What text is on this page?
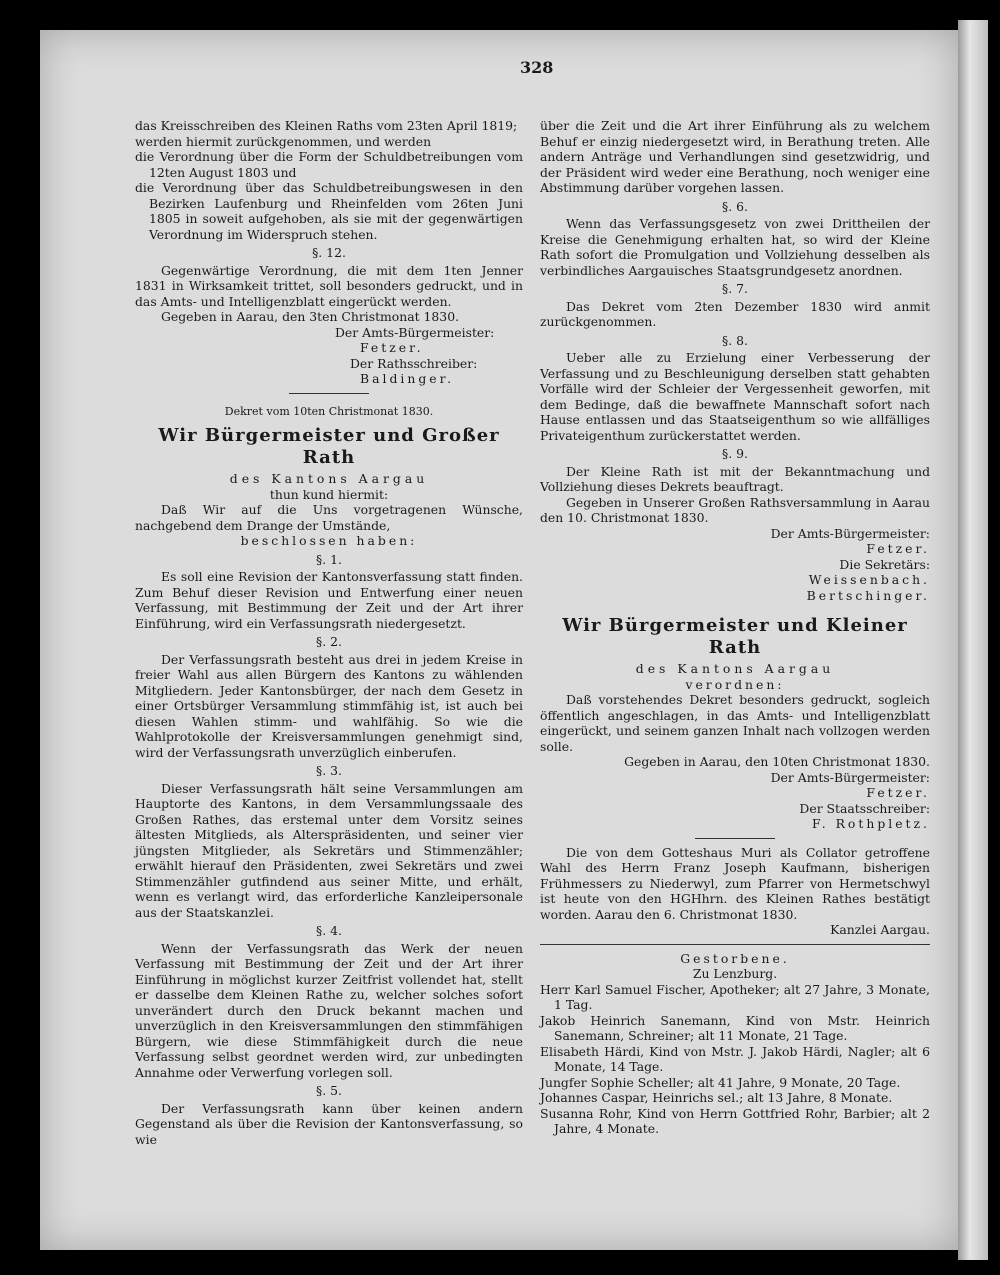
328

das Kreisschreiben des Kleinen Raths vom 23ten April 1819;

werden hiermit zurückgenommen, und werden

die Verordnung über die Form der Schuldbetreibungen vom 12ten August 1803 und

die Verordnung über das Schuldbetreibungswesen in den Bezirken Laufenburg und Rheinfelden vom 26ten Juni 1805 in soweit aufgehoben, als sie mit der gegenwärtigen Verordnung im Widerspruch stehen.

§. 12.

Gegenwärtige Verordnung, die mit dem 1ten Jenner 1831 in Wirksamkeit trittet, soll besonders gedruckt, und in das Amts- und Intelligenzblatt eingerückt werden.

Gegeben in Aarau, den 3ten Christmonat 1830.

Der Amts-Bürgermeister:

Fetzer.

Der Rathsschreiber:

Baldinger.

Dekret vom 10ten Christmonat 1830.

Wir Bürgermeister und Großer Rath

des Kantons Aargau

thun kund hiermit:

Daß Wir auf die Uns vorgetragenen Wünsche, nachgebend dem Drange der Umstände,

beschlossen haben:

§. 1.

Es soll eine Revision der Kantonsverfassung statt finden. Zum Behuf dieser Revision und Entwerfung einer neuen Verfassung, mit Bestimmung der Zeit und der Art ihrer Einführung, wird ein Verfassungsrath niedergesetzt.

§. 2.

Der Verfassungsrath besteht aus drei in jedem Kreise in freier Wahl aus allen Bürgern des Kantons zu wählenden Mitgliedern. Jeder Kantonsbürger, der nach dem Gesetz in einer Ortsbürger Versammlung stimmfähig ist, ist auch bei diesen Wahlen stimm- und wahlfähig. So wie die Wahlprotokolle der Kreisversammlungen genehmigt sind, wird der Verfassungsrath unverzüglich einberufen.

§. 3.

Dieser Verfassungsrath hält seine Versammlungen am Hauptorte des Kantons, in dem Versammlungssaale des Großen Rathes, das erstemal unter dem Vorsitz seines ältesten Mitglieds, als Alterspräsidenten, und seiner vier jüngsten Mitglieder, als Sekretärs und Stimmenzähler; erwählt hierauf den Präsidenten, zwei Sekretärs und zwei Stimmenzähler gutfindend aus seiner Mitte, und erhält, wenn es verlangt wird, das erforderliche Kanzleipersonale aus der Staatskanzlei.

§. 4.

Wenn der Verfassungsrath das Werk der neuen Verfassung mit Bestimmung der Zeit und der Art ihrer Einführung in möglichst kurzer Zeitfrist vollendet hat, stellt er dasselbe dem Kleinen Rathe zu, welcher solches sofort unverändert durch den Druck bekannt machen und unverzüglich in den Kreisversammlungen den stimmfähigen Bürgern, wie diese Stimmfähigkeit durch die neue Verfassung selbst geordnet werden wird, zur unbedingten Annahme oder Verwerfung vorlegen soll.

§. 5.

Der Verfassungsrath kann über keinen andern Gegenstand als über die Revision der Kantonsverfassung, so wie

über die Zeit und die Art ihrer Einführung als zu welchem Behuf er einzig niedergesetzt wird, in Berathung treten. Alle andern Anträge und Verhandlungen sind gesetzwidrig, und der Präsident wird weder eine Berathung, noch weniger eine Abstimmung darüber vorgehen lassen.

§. 6.

Wenn das Verfassungsgesetz von zwei Drittheilen der Kreise die Genehmigung erhalten hat, so wird der Kleine Rath sofort die Promulgation und Vollziehung desselben als verbindliches Aargauisches Staatsgrundgesetz anordnen.

§. 7.

Das Dekret vom 2ten Dezember 1830 wird anmit zurückgenommen.

§. 8.

Ueber alle zu Erzielung einer Verbesserung der Verfassung und zu Beschleunigung derselben statt gehabten Vorfälle wird der Schleier der Vergessenheit geworfen, mit dem Bedinge, daß die bewaffnete Mannschaft sofort nach Hause entlassen und das Staatseigenthum so wie allfälliges Privateigenthum zurückerstattet werden.

§. 9.

Der Kleine Rath ist mit der Bekanntmachung und Vollziehung dieses Dekrets beauftragt.

Gegeben in Unserer Großen Rathsversammlung in Aarau den 10. Christmonat 1830.

Der Amts-Bürgermeister:

Fetzer.

Die Sekretärs:

Weissenbach.

Bertschinger.

Wir Bürgermeister und Kleiner Rath

des Kantons Aargau

verordnen:

Daß vorstehendes Dekret besonders gedruckt, sogleich öffentlich angeschlagen, in das Amts- und Intelligenzblatt eingerückt, und seinem ganzen Inhalt nach vollzogen werden solle.

Gegeben in Aarau, den 10ten Christmonat 1830.

Der Amts-Bürgermeister:

Fetzer.

Der Staatsschreiber:

F. Rothpletz.

Die von dem Gotteshaus Muri als Collator getroffene Wahl des Herrn Franz Joseph Kaufmann, bisherigen Frühmessers zu Niederwyl, zum Pfarrer von Hermetschwyl ist heute von den HGHhrn. des Kleinen Rathes bestätigt worden. Aarau den 6. Christmonat 1830.

Kanzlei Aargau.

Gestorbene.

Zu Lenzburg.

Herr Karl Samuel Fischer, Apotheker; alt 27 Jahre, 3 Monate, 1 Tag.

Jakob Heinrich Sanemann, Kind von Mstr. Heinrich Sanemann, Schreiner; alt 11 Monate, 21 Tage.

Elisabeth Härdi, Kind von Mstr. J. Jakob Härdi, Nagler; alt 6 Monate, 14 Tage.

Jungfer Sophie Scheller; alt 41 Jahre, 9 Monate, 20 Tage.

Johannes Caspar, Heinrichs sel.; alt 13 Jahre, 8 Monate.

Susanna Rohr, Kind von Herrn Gottfried Rohr, Barbier; alt 2 Jahre, 4 Monate.
